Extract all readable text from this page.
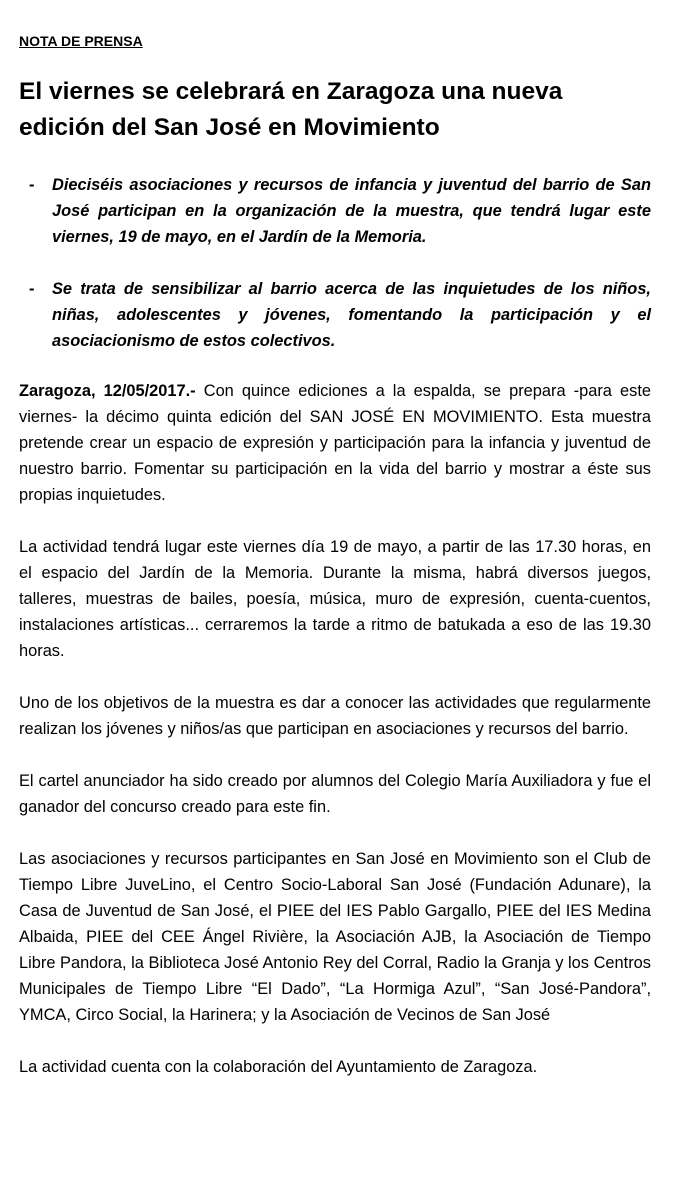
NOTA DE PRENSA
El viernes se celebrará en Zaragoza una nueva edición del San José en Movimiento
- Dieciséis asociaciones y recursos de infancia y juventud del barrio de San José participan en la organización de la muestra, que tendrá lugar este viernes, 19 de mayo, en el Jardín de la Memoria.
- Se trata de sensibilizar al barrio acerca de las inquietudes de los niños, niñas, adolescentes y jóvenes, fomentando la participación y el asociacionismo de estos colectivos.

Zaragoza, 12/05/2017.- Con quince ediciones a la espalda, se prepara -para este viernes- la décimo quinta edición del SAN JOSÉ EN MOVIMIENTO. Esta muestra pretende crear un espacio de expresión y participación para la infancia y juventud de nuestro barrio. Fomentar su participación en la vida del barrio y mostrar a éste sus propias inquietudes.

La actividad tendrá lugar este viernes día 19 de mayo, a partir de las 17.30 horas, en el espacio del Jardín de la Memoria. Durante la misma, habrá diversos juegos, talleres, muestras de bailes, poesía, música, muro de expresión, cuenta-cuentos, instalaciones artísticas... cerraremos la tarde a ritmo de batukada a eso de las 19.30 horas.

Uno de los objetivos de la muestra es dar a conocer las actividades que regularmente realizan los jóvenes y niños/as que participan en asociaciones y recursos del barrio.

El cartel anunciador ha sido creado por alumnos del Colegio María Auxiliadora y fue el ganador del concurso creado para este fin.

Las asociaciones y recursos participantes en San José en Movimiento son el Club de Tiempo Libre JuveLino, el Centro Socio-Laboral San José (Fundación Adunare), la Casa de Juventud de San José, el PIEE del IES Pablo Gargallo, PIEE del IES Medina Albaida, PIEE del CEE Ángel Rivière, la Asociación AJB, la Asociación de Tiempo Libre Pandora, la Biblioteca José Antonio Rey del Corral, Radio la Granja y los Centros Municipales de Tiempo Libre “El Dado”, “La Hormiga Azul”, “San José-Pandora”, YMCA, Circo Social, la Harinera; y la Asociación de Vecinos de San José

La actividad cuenta con la colaboración del Ayuntamiento de Zaragoza.
